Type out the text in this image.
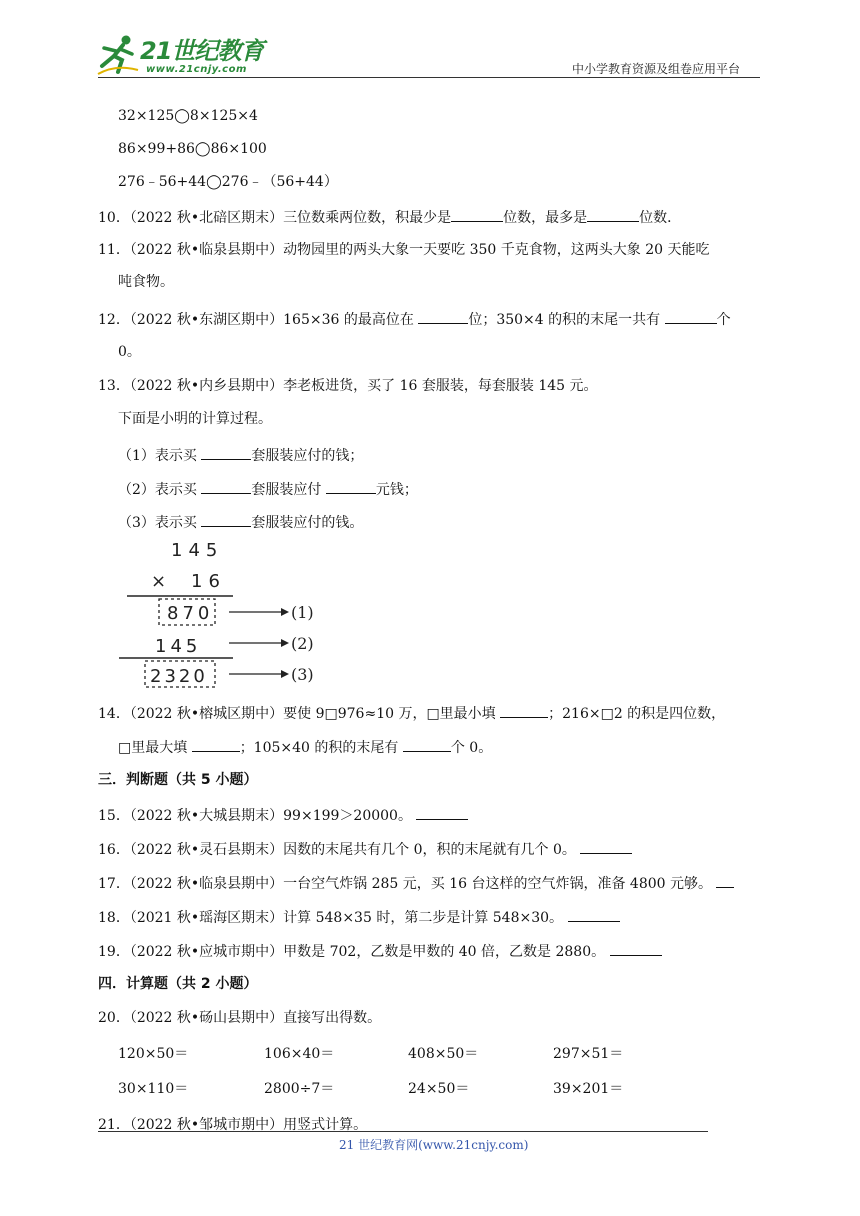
21世纪教育
www.21cnjy.com	中小学教育资源及组卷应用平台
32×125◯8×125×4
86×99+86◯86×100
276﹣56+44◯276﹣（56+44）
10．（2022 秋•北碚区期末）三位数乘两位数，积最少是	位数，最多是	位数．
11．（2022 秋•临泉县期中）动物园里的两头大象一天要吃 350 千克食物，这两头大象 20 天能吃
吨食物。
12．（2022 秋•东湖区期中）165×36 的最高位在	位；350×4 的积的末尾一共有	个
0。
13．（2022 秋•内乡县期中）李老板进货，买了 16 套服装，每套服装 145 元。
下面是小明的计算过程。
（1）表示买	套服装应付的钱；
（2）表示买	套服装应付	元钱；
（3）表示买	套服装应付的钱。
145
× 16
870	(1)
145	(2)
2320	(3)
14．（2022 秋•榕城区期中）要使 9□976≈10 万，□里最小填	；216×□2 的积是四位数，
□里最大填	；105×40 的积的末尾有	个 0。
三．判断题（共 5 小题）
15．（2022 秋•大城县期末）99×199＞20000。
16．（2022 秋•灵石县期末）因数的末尾共有几个 0，积的末尾就有几个 0。
17．（2022 秋•临泉县期中）一台空气炸锅 285 元，买 16 台这样的空气炸锅，准备 4800 元够。
18．（2021 秋•瑶海区期末）计算 548×35 时，第二步是计算 548×30。
19．（2022 秋•应城市期中）甲数是 702，乙数是甲数的 40 倍，乙数是 2880。
四．计算题（共 2 小题）
20．（2022 秋•砀山县期中）直接写出得数。
120×50＝	106×40＝	408×50＝	297×51＝
30×110＝	2800÷7＝	24×50＝	39×201＝
21．（2022 秋•邹城市期中）用竖式计算。
21 世纪教育网(www.21cnjy.com)
